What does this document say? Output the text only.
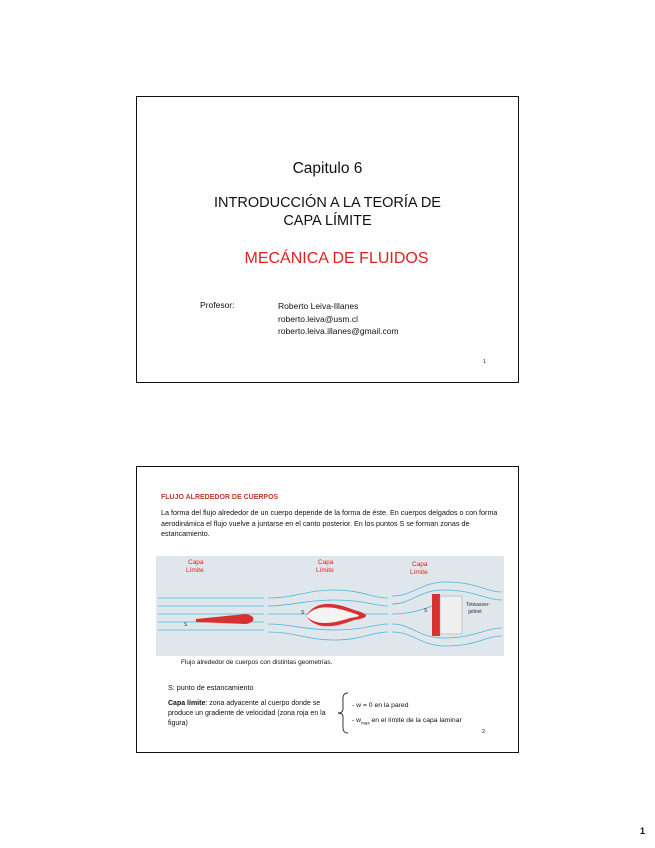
Capitulo 6
INTRODUCCIÓN A LA TEORÍA DE
CAPA LÍMITE
MECÁNICA DE FLUIDOS
Profesor:	Roberto Leiva-Illanes
roberto.leiva@usm.cl
roberto.leiva.illanes@gmail.com
1
FLUJO ALREDEDOR DE CUERPOS
La forma del flujo alrededor de un cuerpo depende de la forma de éste. En cuerpos delgados o con forma aerodinámica el flujo vuelve a juntarse en el canto posterior. En los puntos S se forman zonas de estancamiento.
Capa
Límite
Capa
Límite
Capa
Límite
S
S	S
Totwasser-
gebiet
Flujo alrededor de cuerpos con distintas geometrías.
S: punto de estancamiento
Capa límite: zona adyacente al cuerpo donde se produce un gradiente de velocidad (zona roja en la figura)
- w = 0 en la pared
- $w_{max}$ en el límite de la capa laminar
2
1
